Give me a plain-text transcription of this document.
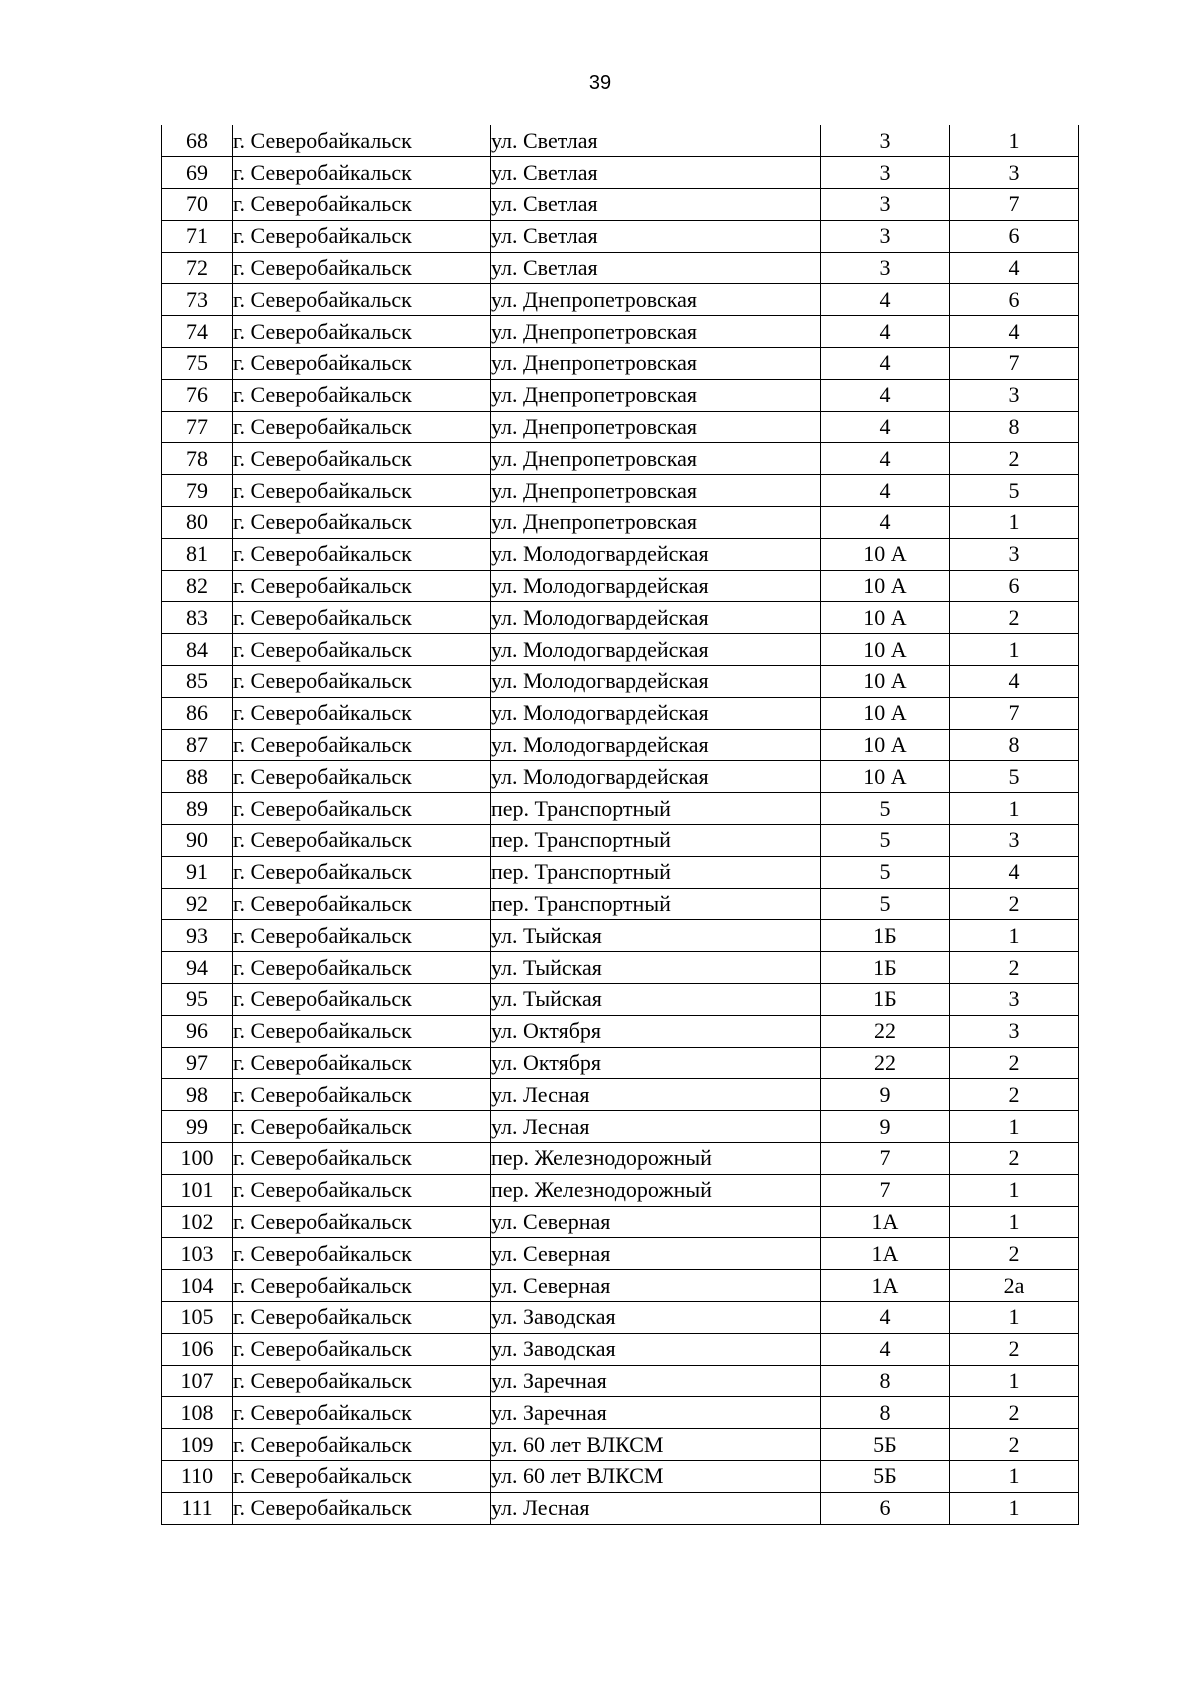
39
68	г. Северобайкальск	ул. Светлая	3	1
69	г. Северобайкальск	ул. Светлая	3	3
70	г. Северобайкальск	ул. Светлая	3	7
71	г. Северобайкальск	ул. Светлая	3	6
72	г. Северобайкальск	ул. Светлая	3	4
73	г. Северобайкальск	ул. Днепропетровская	4	6
74	г. Северобайкальск	ул. Днепропетровская	4	4
75	г. Северобайкальск	ул. Днепропетровская	4	7
76	г. Северобайкальск	ул. Днепропетровская	4	3
77	г. Северобайкальск	ул. Днепропетровская	4	8
78	г. Северобайкальск	ул. Днепропетровская	4	2
79	г. Северобайкальск	ул. Днепропетровская	4	5
80	г. Северобайкальск	ул. Днепропетровская	4	1
81	г. Северобайкальск	ул. Молодогвардейская	10 А	3
82	г. Северобайкальск	ул. Молодогвардейская	10 А	6
83	г. Северобайкальск	ул. Молодогвардейская	10 А	2
84	г. Северобайкальск	ул. Молодогвардейская	10 А	1
85	г. Северобайкальск	ул. Молодогвардейская	10 А	4
86	г. Северобайкальск	ул. Молодогвардейская	10 А	7
87	г. Северобайкальск	ул. Молодогвардейская	10 А	8
88	г. Северобайкальск	ул. Молодогвардейская	10 А	5
89	г. Северобайкальск	пер. Транспортный	5	1
90	г. Северобайкальск	пер. Транспортный	5	3
91	г. Северобайкальск	пер. Транспортный	5	4
92	г. Северобайкальск	пер. Транспортный	5	2
93	г. Северобайкальск	ул. Тыйская	1Б	1
94	г. Северобайкальск	ул. Тыйская	1Б	2
95	г. Северобайкальск	ул. Тыйская	1Б	3
96	г. Северобайкальск	ул. Октября	22	3
97	г. Северобайкальск	ул. Октября	22	2
98	г. Северобайкальск	ул. Лесная	9	2
99	г. Северобайкальск	ул. Лесная	9	1
100	г. Северобайкальск	пер. Железнодорожный	7	2
101	г. Северобайкальск	пер. Железнодорожный	7	1
102	г. Северобайкальск	ул. Северная	1А	1
103	г. Северобайкальск	ул. Северная	1А	2
104	г. Северобайкальск	ул. Северная	1А	2а
105	г. Северобайкальск	ул. Заводская	4	1
106	г. Северобайкальск	ул. Заводская	4	2
107	г. Северобайкальск	ул. Заречная	8	1
108	г. Северобайкальск	ул. Заречная	8	2
109	г. Северобайкальск	ул. 60 лет ВЛКСМ	5Б	2
110	г. Северобайкальск	ул. 60 лет ВЛКСМ	5Б	1
111	г. Северобайкальск	ул. Лесная	6	1
